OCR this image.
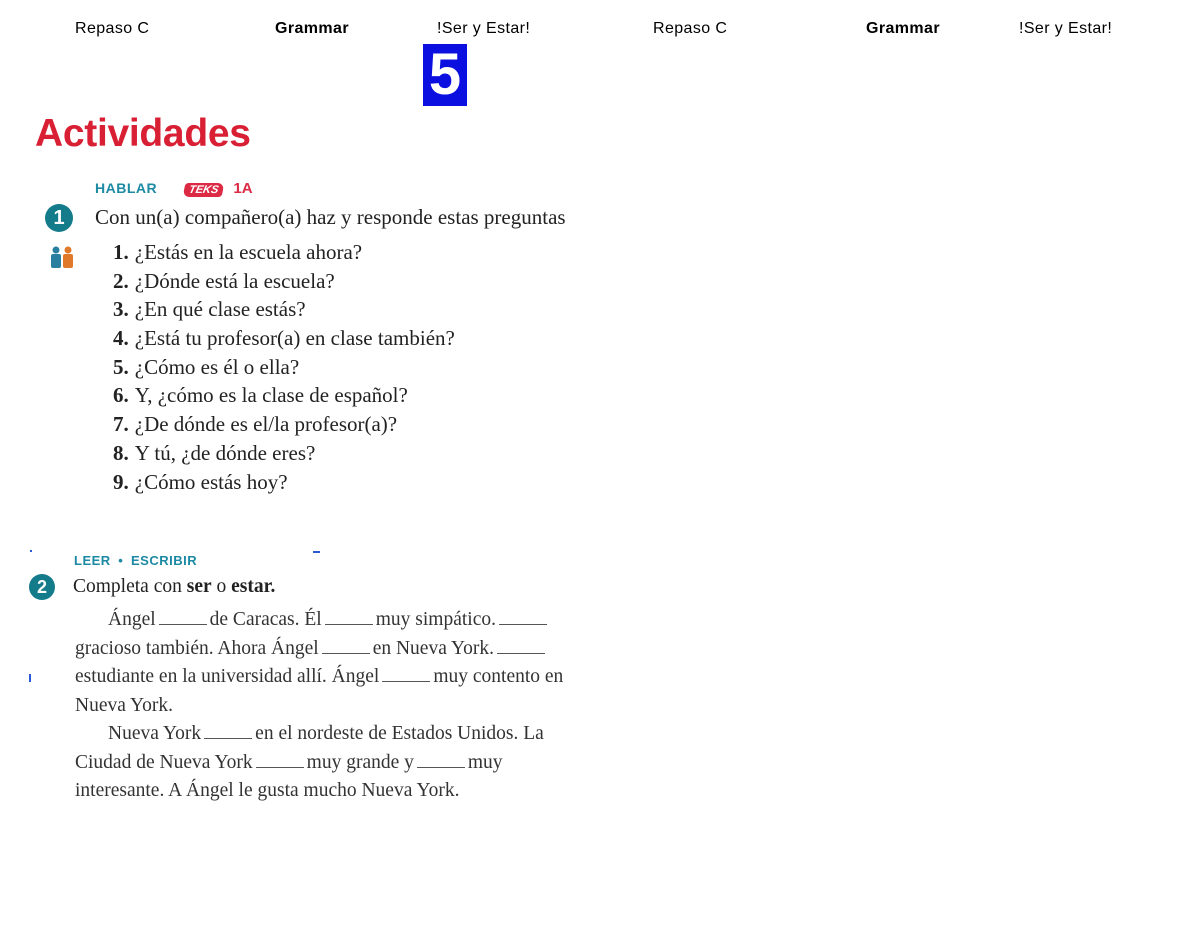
Repaso C	Grammar	!Ser y Estar!	Repaso C	Grammar	!Ser y Estar!
5
Actividades
HABLAR	TEKS 1A
1	Con un(a) compañero(a) haz y responde estas preguntas
1. ¿Estás en la escuela ahora?
2. ¿Dónde está la escuela?
3. ¿En qué clase estás?
4. ¿Está tu profesor(a) en clase también?
5. ¿Cómo es él o ella?
6. Y, ¿cómo es la clase de español?
7. ¿De dónde es el/la profesor(a)?
8. Y tú, ¿de dónde eres?
9. ¿Cómo estás hoy?
LEER • ESCRIBIR
2	Completa con ser o estar.
Ángel	de Caracas. Él	muy simpático.
gracioso también. Ahora Ángel	en Nueva York.
estudiante en la universidad allí. Ángel	muy contento en
Nueva York.
Nueva York	en el nordeste de Estados Unidos. La
Ciudad de Nueva York	muy grande y	muy
interesante. A Ángel le gusta mucho Nueva York.
